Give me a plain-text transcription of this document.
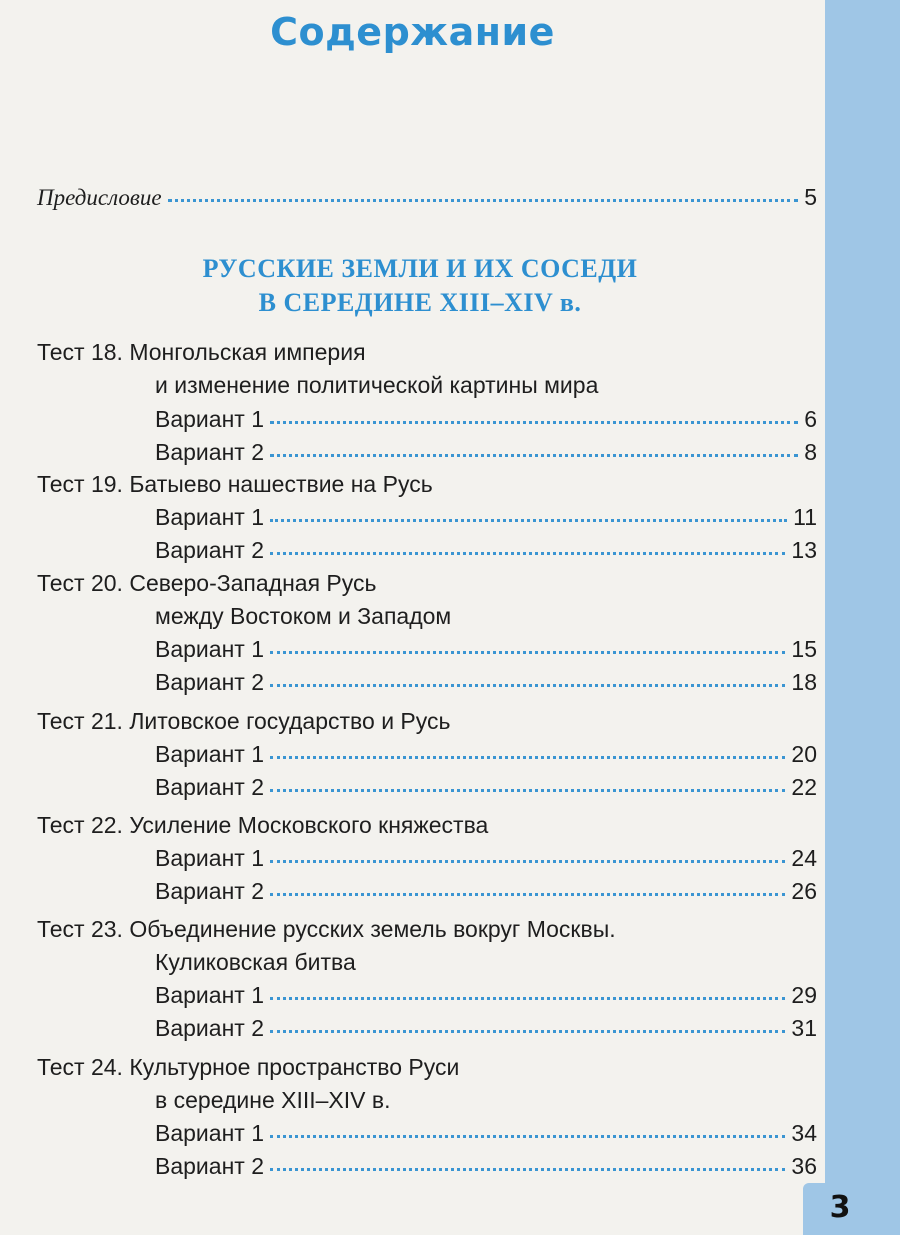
3
Содержание
Предисловие	5
РУССКИЕ ЗЕМЛИ И ИХ СОСЕДИ
В СЕРЕДИНЕ XIII–XIV в.
Тест 18. Монгольская империя
и изменение политической картины мира
Вариант 1	6
Вариант 2	8
Тест 19. Батыево нашествие на Русь
Вариант 1	11
Вариант 2	13
Тест 20. Северо-Западная Русь
между Востоком и Западом
Вариант 1	15
Вариант 2	18
Тест 21. Литовское государство и Русь
Вариант 1	20
Вариант 2	22
Тест 22. Усиление Московского княжества
Вариант 1	24
Вариант 2	26
Тест 23. Объединение русских земель вокруг Москвы.
Куликовская битва
Вариант 1	29
Вариант 2	31
Тест 24. Культурное пространство Руси
в середине XIII–XIV в.
Вариант 1	34
Вариант 2	36
